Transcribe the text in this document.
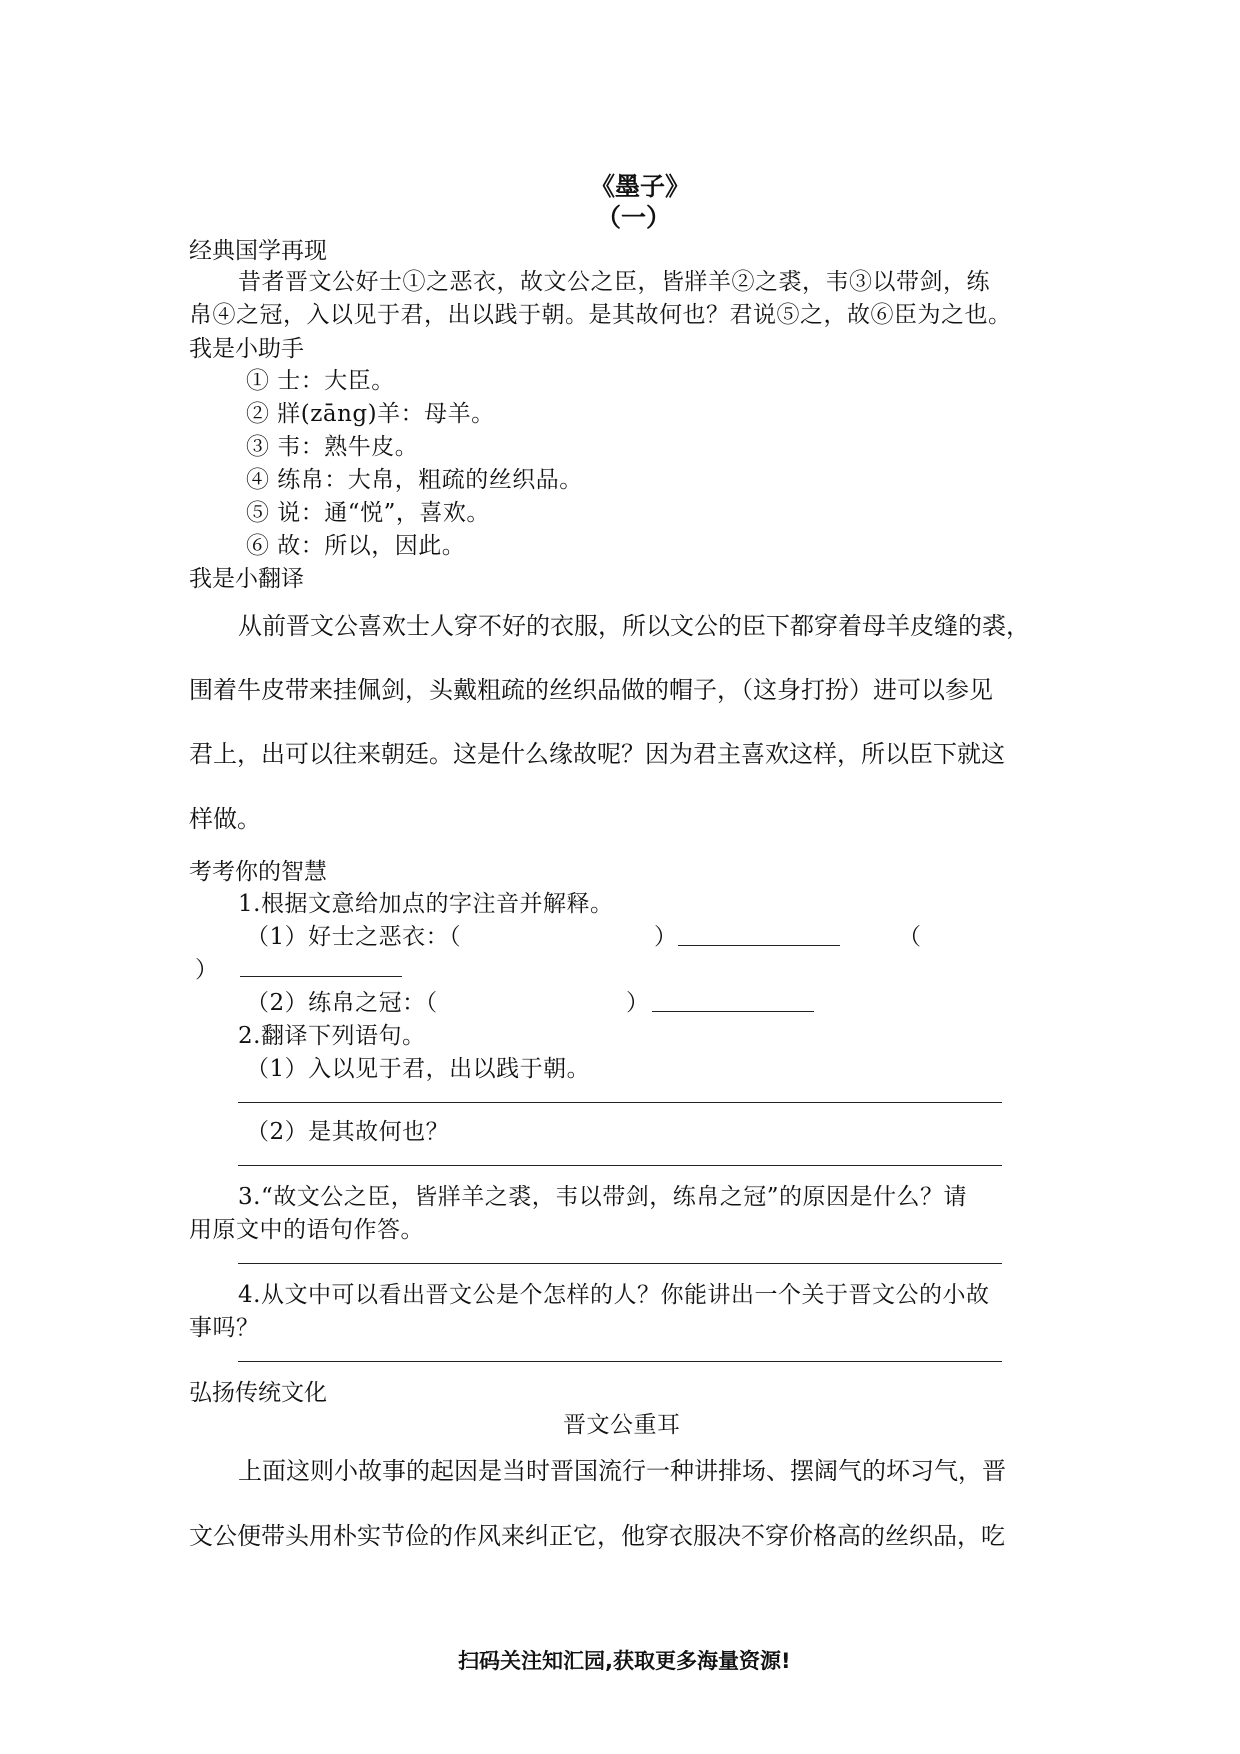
《墨子》
（一）
经典国学再现
昔者晋文公好士①之恶衣，故文公之臣，皆牂羊②之裘，韦③以带剑，练
帛④之冠，入以见于君，出以践于朝。是其故何也？君说⑤之，故⑥臣为之也。
我是小助手
① 士：大臣。
② 牂(zāng)羊：母羊。
③ 韦：熟牛皮。
④ 练帛：大帛，粗疏的丝织品。
⑤ 说：通“悦”，喜欢。
⑥ 故：所以，因此。
我是小翻译
从前晋文公喜欢士人穿不好的衣服，所以文公的臣下都穿着母羊皮缝的裘，
围着牛皮带来挂佩剑，头戴粗疏的丝织品做的帽子，（这身打扮）进可以参见
君上，出可以往来朝廷。这是什么缘故呢？因为君主喜欢这样，所以臣下就这
样做。
考考你的智慧
1.根据文意给加点的字注音并解释。
（1）好士之恶衣：（	）	（
）
（2）练帛之冠：（	）
2.翻译下列语句。
（1）入以见于君，出以践于朝。
（2）是其故何也？
3.“故文公之臣，皆牂羊之裘，韦以带剑，练帛之冠”的原因是什么？请
用原文中的语句作答。
4.从文中可以看出晋文公是个怎样的人？你能讲出一个关于晋文公的小故
事吗？
弘扬传统文化
晋文公重耳
上面这则小故事的起因是当时晋国流行一种讲排场、摆阔气的坏习气，晋
文公便带头用朴实节俭的作风来纠正它，他穿衣服决不穿价格高的丝织品，吃
扫码关注知汇园,获取更多海量资源!
